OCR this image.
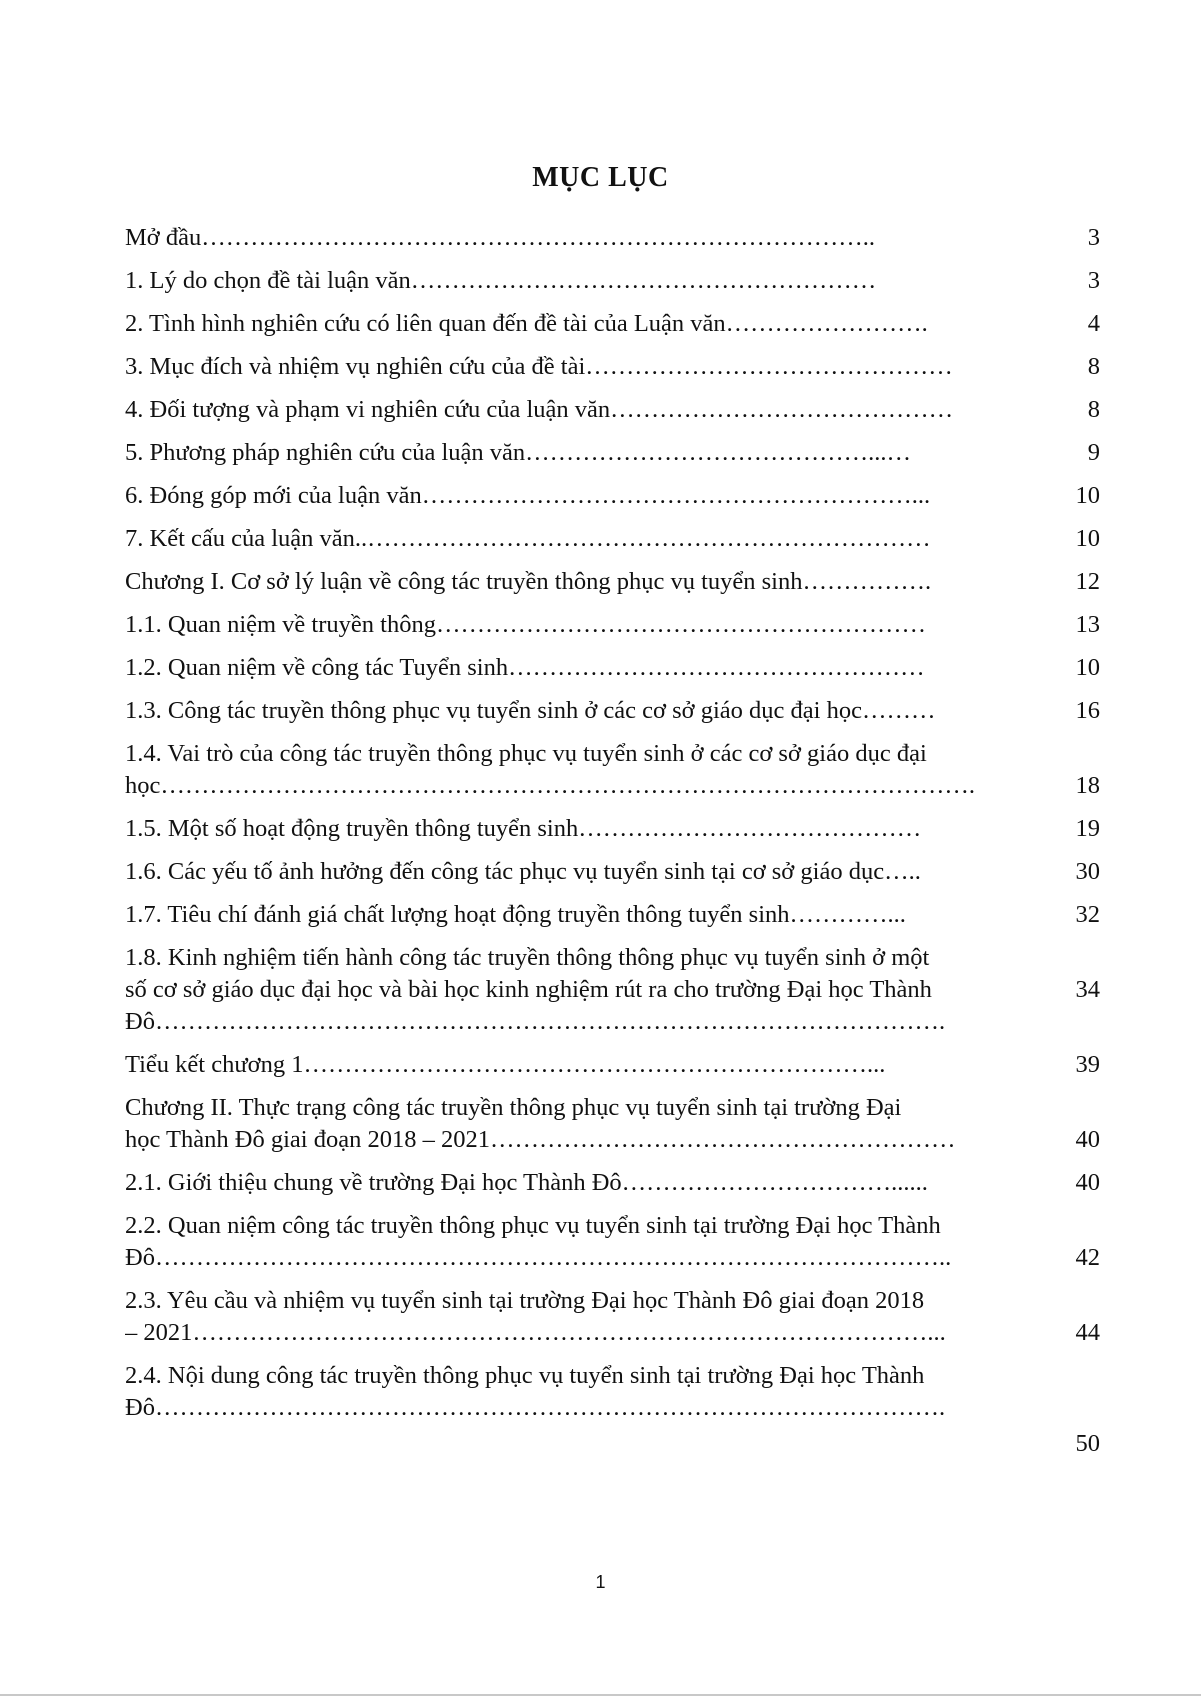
MỤC LỤC
Mở đầu………………………………………………………………………..	3
1. Lý do chọn đề tài luận văn…………………………………………………	3
2. Tình hình nghiên cứu có liên quan đến đề tài của Luận văn…………………….	4
3. Mục đích và nhiệm vụ nghiên cứu của đề tài………………………………………	8
4. Đối tượng và phạm vi nghiên cứu của luận văn……………………………………	8
5. Phương pháp nghiên cứu của luận văn……………………………………...…	9
6. Đóng góp mới của luận văn……………………………………………………...	10
7. Kết cấu của luận văn..……………………………………………………………	10
Chương I. Cơ sở lý luận về công tác truyền thông phục vụ tuyển sinh…………….	12
1.1. Quan niệm về truyền thông……………………………………………………	13
1.2. Quan niệm về công tác Tuyển sinh……………………………………………	10
1.3. Công tác truyền thông phục vụ tuyển sinh ở các cơ sở giáo dục đại học………	16
1.4. Vai trò của công tác truyền thông phục vụ tuyển sinh ở các cơ sở giáo dục đại
học……………………………………………………………………………………….	18
1.5. Một số hoạt động truyền thông tuyển sinh……………………………………	19
1.6. Các yếu tố ảnh hưởng đến công tác phục vụ tuyển sinh tại cơ sở giáo dục…..	30
1.7. Tiêu chí đánh giá chất lượng hoạt động truyền thông tuyển sinh…………...	32
1.8. Kinh nghiệm tiến hành công tác truyền thông thông phục vụ tuyển sinh ở một
số cơ sở giáo dục đại học và bài học kinh nghiệm rút ra cho trường Đại học Thành
Đô…………………………………………………………………………………….
34
Tiểu kết chương 1……………………………………………………………...	39
Chương II. Thực trạng công tác truyền thông phục vụ tuyển sinh tại trường Đại
học Thành Đô giai đoạn 2018 – 2021…………………………………………………	40
2.1. Giới thiệu chung về trường Đại học Thành Đô……………………………......	40
2.2. Quan niệm công tác truyền thông phục vụ tuyển sinh tại trường Đại học Thành
Đô……………………………………………………………………………………..	42
2.3. Yêu cầu và nhiệm vụ tuyển sinh tại trường Đại học Thành Đô giai đoạn 2018
– 2021………………………………………………………………………………...	44
2.4. Nội dung công tác truyền thông phục vụ tuyển sinh tại trường Đại học Thành
Đô…………………………………………………………………………………….
50
1
